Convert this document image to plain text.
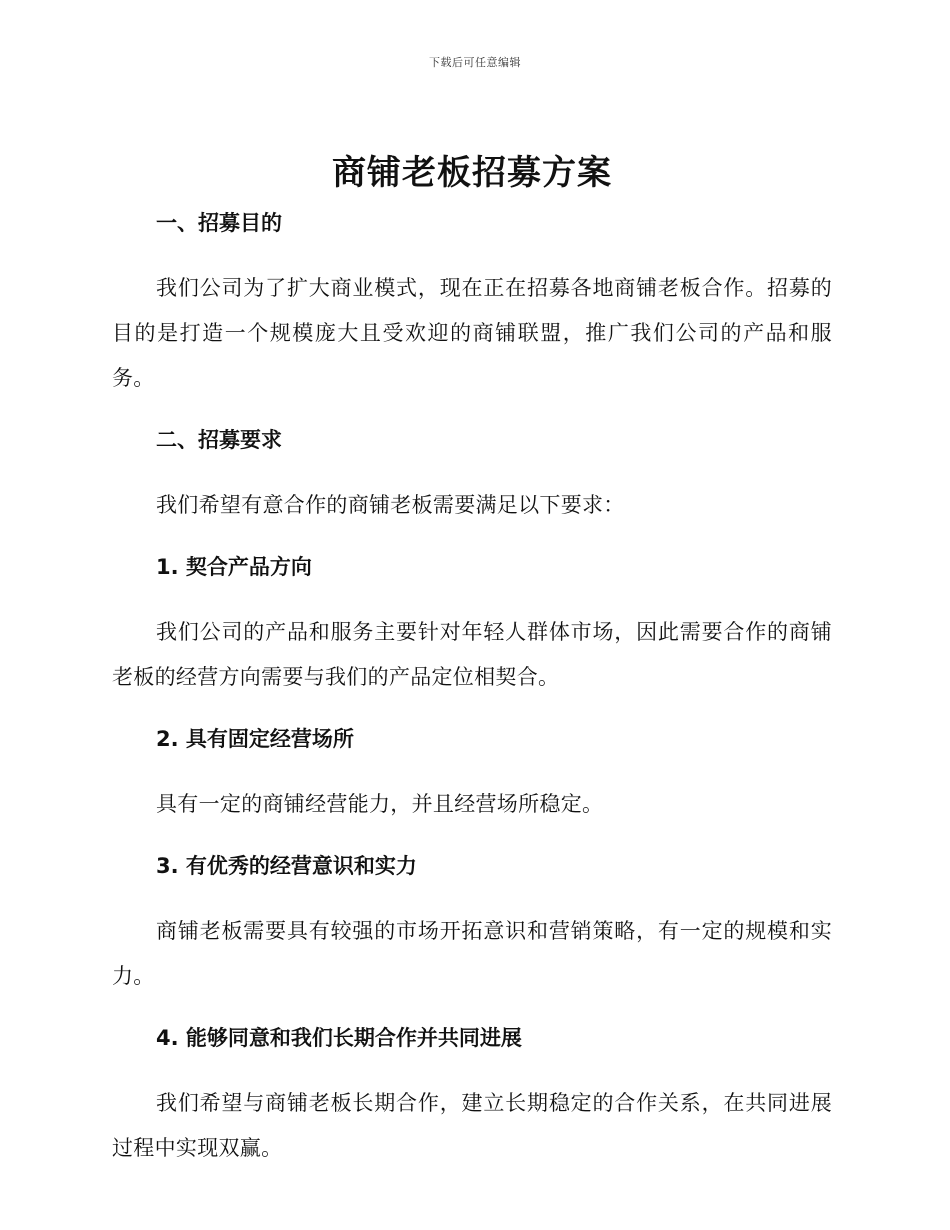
下载后可任意编辑
商铺老板招募方案
一、招募目的
我们公司为了扩大商业模式，现在正在招募各地商铺老板合作。招募的目的是打造一个规模庞大且受欢迎的商铺联盟，推广我们公司的产品和服务。
二、招募要求
我们希望有意合作的商铺老板需要满足以下要求：
1. 契合产品方向
我们公司的产品和服务主要针对年轻人群体市场，因此需要合作的商铺老板的经营方向需要与我们的产品定位相契合。
2. 具有固定经营场所
具有一定的商铺经营能力，并且经营场所稳定。
3. 有优秀的经营意识和实力
商铺老板需要具有较强的市场开拓意识和营销策略，有一定的规模和实力。
4. 能够同意和我们长期合作并共同进展
我们希望与商铺老板长期合作，建立长期稳定的合作关系，在共同进展过程中实现双赢。
